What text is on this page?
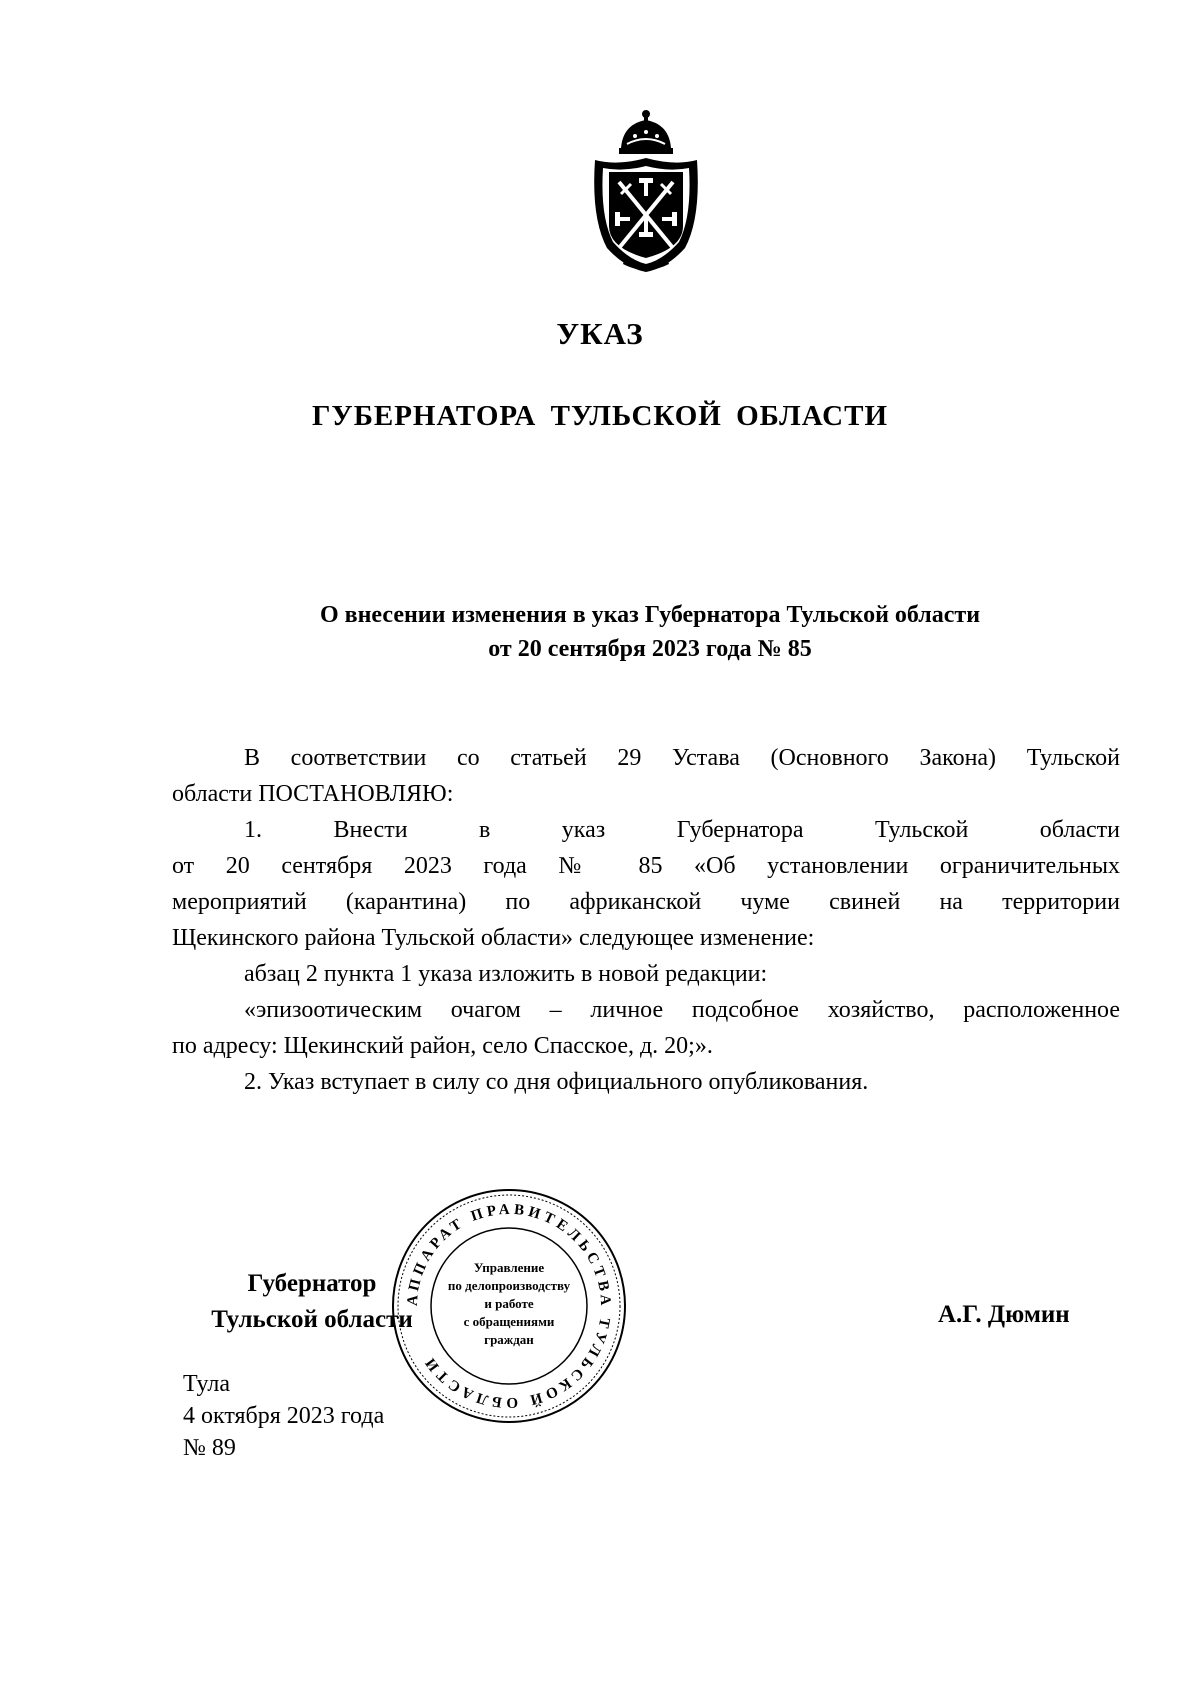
УКАЗ
ГУБЕРНАТОРА ТУЛЬСКОЙ ОБЛАСТИ
О внесении изменения в указ Губернатора Тульской области
от 20 сентября 2023 года № 85
В соответствии со статьей 29 Устава (Основного Закона) Тульской
области ПОСТАНОВЛЯЮ:
1.	Внести	в	указ	Губернатора	Тульской	области
от 20 сентября 2023 года № 85 «Об установлении ограничительных
мероприятий (карантина) по африканской чуме свиней на территории
Щекинского района Тульской области» следующее изменение:
абзац 2 пункта 1 указа изложить в новой редакции:
«эпизоотическим очагом – личное подсобное хозяйство, расположенное
по адресу: Щекинский район, село Спасское, д. 20;».
2. Указ вступает в силу со дня официального опубликования.
Губернатор
Тульской области
АППАРАТ ПРАВИТЕЛЬСТВА ТУЛЬСКОЙ ОБЛАСТИ
Управление
по делопроизводству
и работе
с обращениями
граждан
А.Г. Дюмин
Тула
4 октября 2023 года
№ 89
